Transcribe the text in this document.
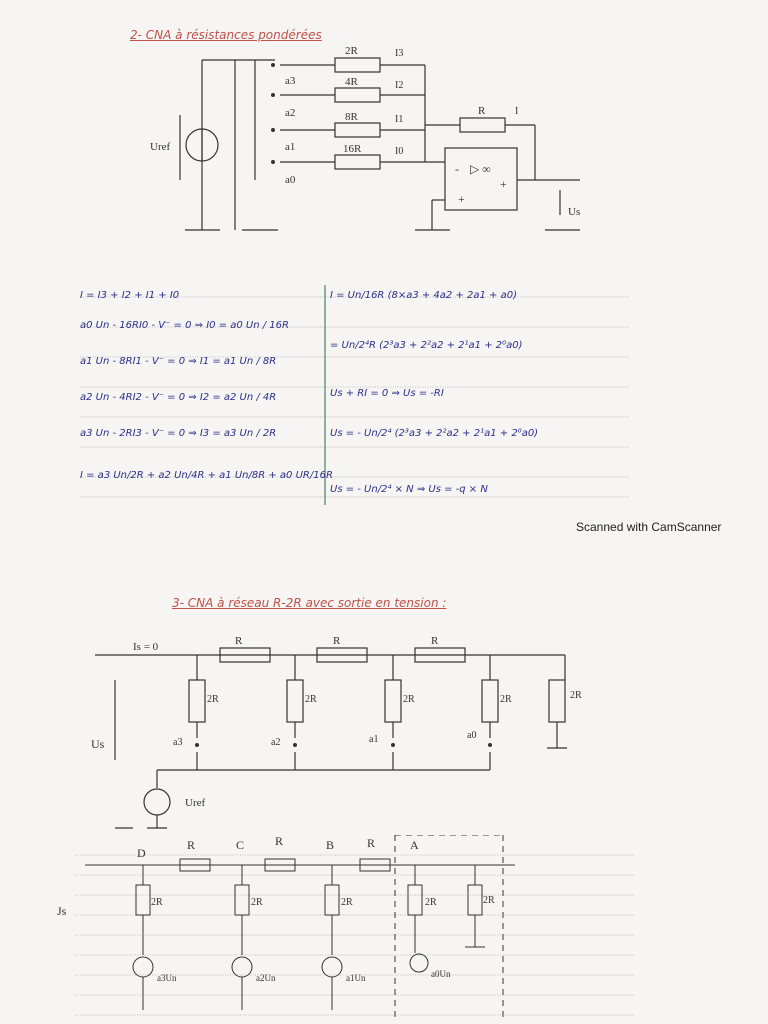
2- CNA à résistances pondérées
2R
4R
8R
16R
I3
I2
I1
I0
a3
a2
a1
a0
R	I
Uref
Us
▷ ∞
-
+
+
I = I3 + I2 + I1 + I0
a0 Un - 16RI0 - V⁻ = 0 ⇒ I0 = a0 Un / 16R
a1 Un - 8RI1 - V⁻ = 0 ⇒ I1 = a1 Un / 8R
a2 Un - 4RI2 - V⁻ = 0 ⇒ I2 = a2 Un / 4R
a3 Un - 2RI3 - V⁻ = 0 ⇒ I3 = a3 Un / 2R
I = a3 Un/2R + a2 Un/4R + a1 Un/8R + a0 UR/16R
I = Un/16R (8×a3 + 4a2 + 2a1 + a0)
= Un/2⁴R (2³a3 + 2²a2 + 2¹a1 + 2⁰a0)
Us + RI = 0 ⇒ Us = -RI
Us = - Un/2⁴ (2³a3 + 2²a2 + 2¹a1 + 2⁰a0)
Us = - Un/2⁴ × N ⇒ Us = -q × N
Scanned with CamScanner
3- CNA à réseau R-2R avec sortie en tension :
Is = 0	R	R	R
2R	2R	2R	2R	2R
a3	a2	a1	a0
Us
Uref
D
C	B	A
R	R	R
2R	2R	2R	2R	2R
a3Un	a2Un	a1Un	a0Un
Js
